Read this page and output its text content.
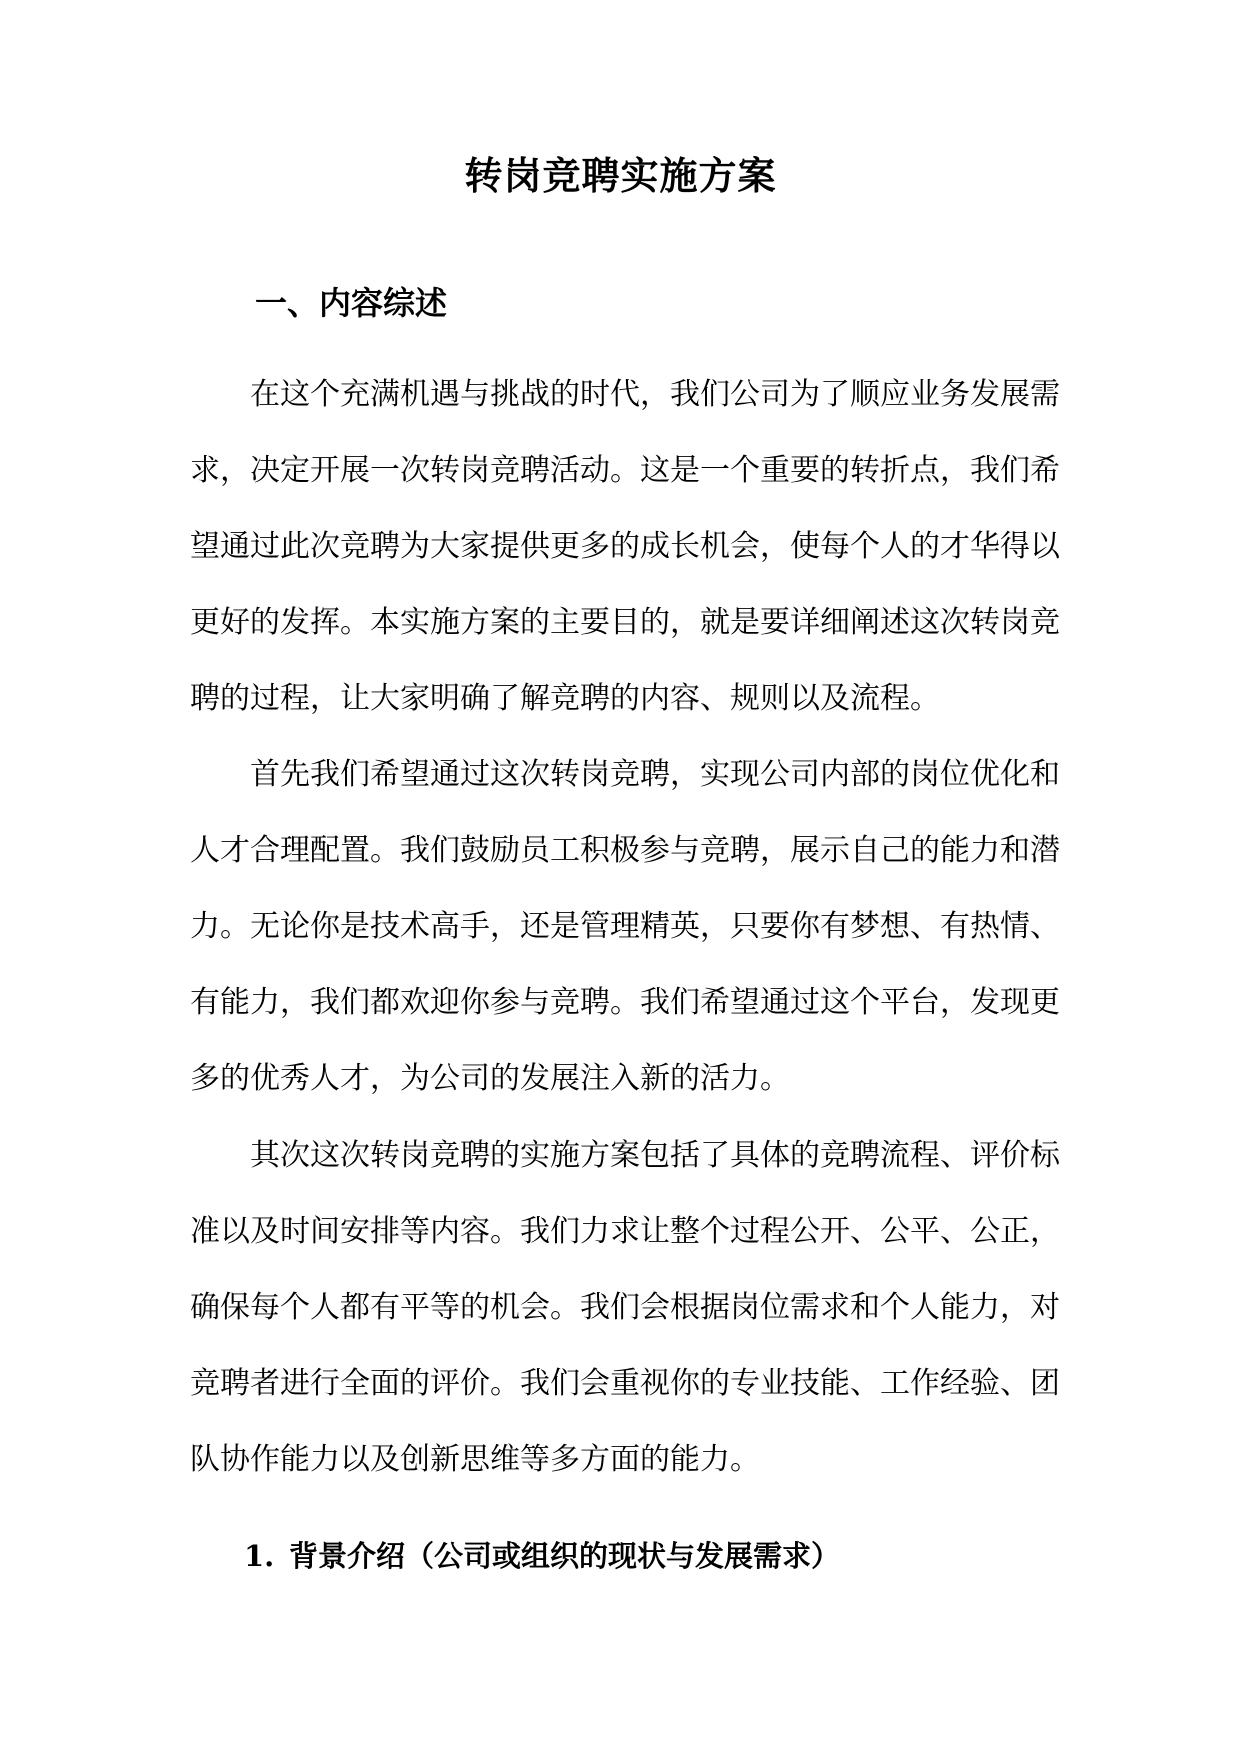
转岗竞聘实施方案
一、内容综述

在这个充满机遇与挑战的时代，我们公司为了顺应业务发展需求，决定开展一次转岗竞聘活动。这是一个重要的转折点，我们希望通过此次竞聘为大家提供更多的成长机会，使每个人的才华得以更好的发挥。本实施方案的主要目的，就是要详细阐述这次转岗竞聘的过程，让大家明确了解竞聘的内容、规则以及流程。

首先我们希望通过这次转岗竞聘，实现公司内部的岗位优化和人才合理配置。我们鼓励员工积极参与竞聘，展示自己的能力和潜力。无论你是技术高手，还是管理精英，只要你有梦想、有热情、有能力，我们都欢迎你参与竞聘。我们希望通过这个平台，发现更多的优秀人才，为公司的发展注入新的活力。

其次这次转岗竞聘的实施方案包括了具体的竞聘流程、评价标准以及时间安排等内容。我们力求让整个过程公开、公平、公正，确保每个人都有平等的机会。我们会根据岗位需求和个人能力，对竞聘者进行全面的评价。我们会重视你的专业技能、工作经验、团队协作能力以及创新思维等多方面的能力。

1. 背景介绍（公司或组织的现状与发展需求）
